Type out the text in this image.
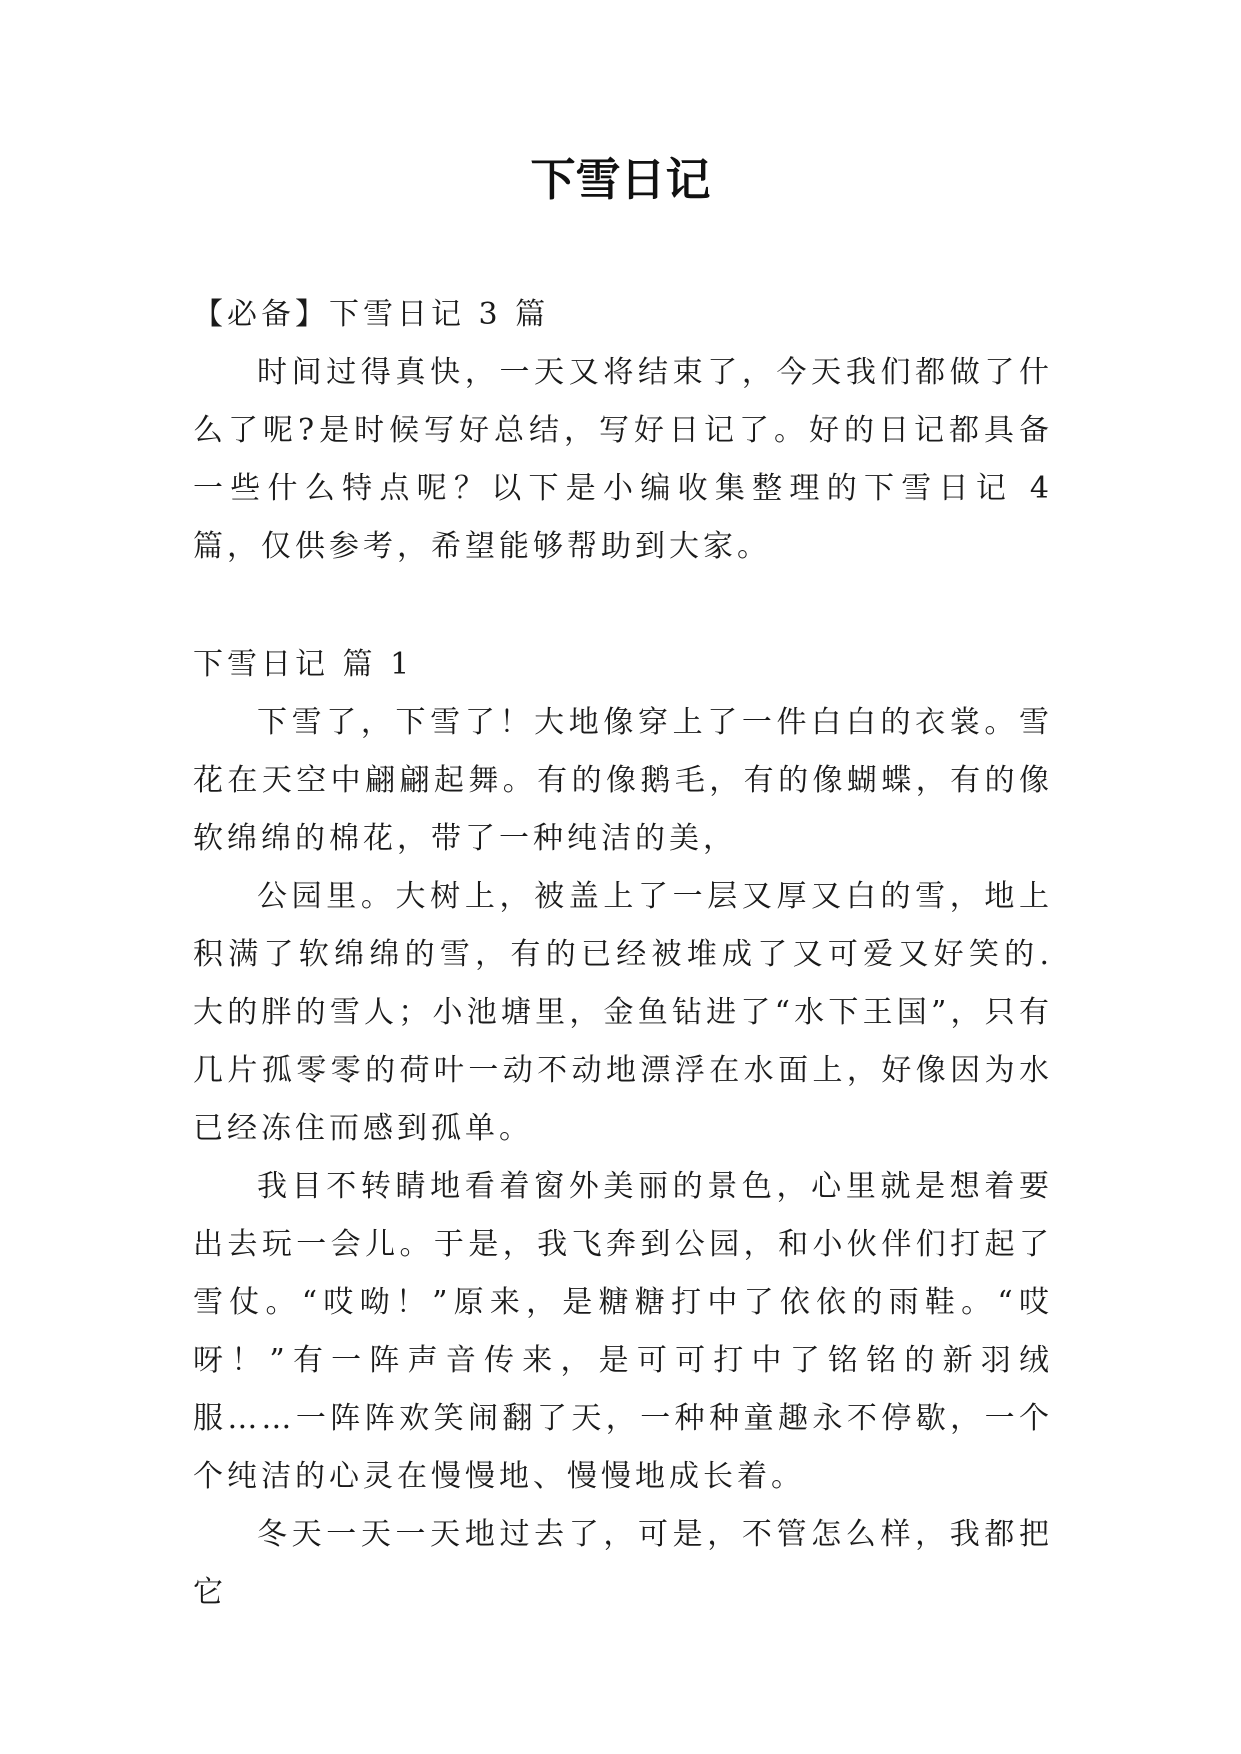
下雪日记

【必备】下雪日记 3 篇

时间过得真快，一天又将结束了，今天我们都做了什么了呢?是时候写好总结，写好日记了。好的日记都具备一些什么特点呢？以下是小编收集整理的下雪日记 4 篇，仅供参考，希望能够帮助到大家。

下雪日记 篇 1

下雪了，下雪了！大地像穿上了一件白白的衣裳。雪花在天空中翩翩起舞。有的像鹅毛，有的像蝴蝶，有的像软绵绵的棉花，带了一种纯洁的美，

公园里。大树上，被盖上了一层又厚又白的雪，地上积满了软绵绵的雪，有的已经被堆成了又可爱又好笑的.大的胖的雪人；小池塘里，金鱼钻进了“水下王国”，只有几片孤零零的荷叶一动不动地漂浮在水面上，好像因为水已经冻住而感到孤单。

我目不转睛地看着窗外美丽的景色，心里就是想着要出去玩一会儿。于是，我飞奔到公园，和小伙伴们打起了雪仗。“哎呦！”原来，是糖糖打中了依依的雨鞋。“哎呀！”有一阵声音传来，是可可打中了铭铭的新羽绒服……一阵阵欢笑闹翻了天，一种种童趣永不停歇，一个个纯洁的心灵在慢慢地、慢慢地成长着。

冬天一天一天地过去了，可是，不管怎么样，我都把它
